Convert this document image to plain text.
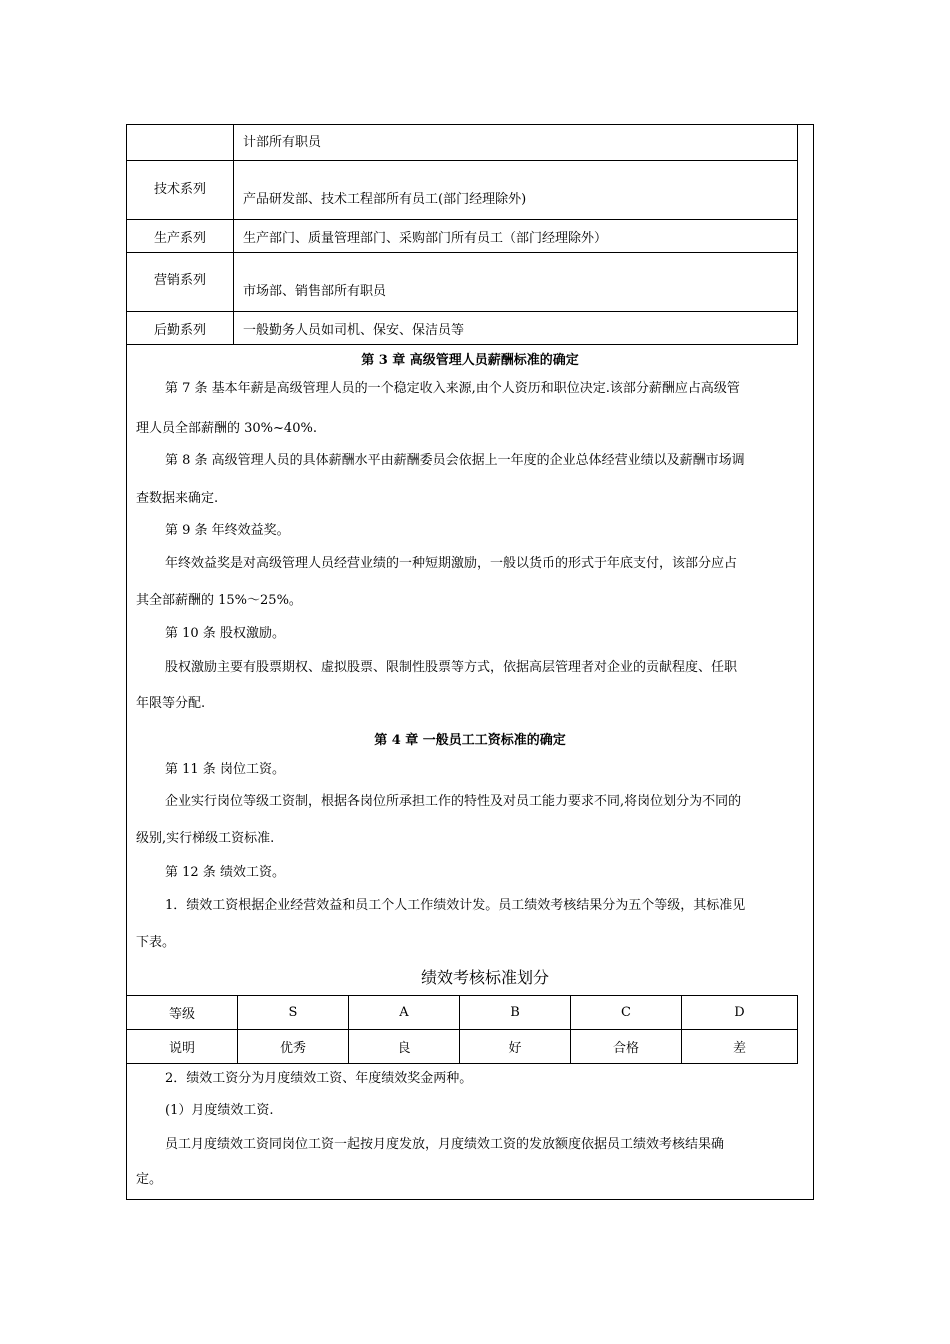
	计部所有职员
技术系列	产品研发部、技术工程部所有员工(部门经理除外)
生产系列	生产部门、质量管理部门、采购部门所有员工（部门经理除外）
营销系列	市场部、销售部所有职员
后勤系列	一般勤务人员如司机、保安、保洁员等
第 3 章 高级管理人员薪酬标准的确定
第 7 条 基本年薪是高级管理人员的一个稳定收入来源,由个人资历和职位决定.该部分薪酬应占高级管
理人员全部薪酬的 30%~40%.
第 8 条 高级管理人员的具体薪酬水平由薪酬委员会依据上一年度的企业总体经营业绩以及薪酬市场调
查数据来确定.
第 9 条 年终效益奖。
年终效益奖是对高级管理人员经营业绩的一种短期激励，一般以货币的形式于年底支付，该部分应占
其全部薪酬的 15%～25%。
第 10 条 股权激励。
股权激励主要有股票期权、虚拟股票、限制性股票等方式，依据高层管理者对企业的贡献程度、任职
年限等分配.
第 4 章 一般员工工资标准的确定
第 11 条 岗位工资。
企业实行岗位等级工资制，根据各岗位所承担工作的特性及对员工能力要求不同,将岗位划分为不同的
级别,实行梯级工资标准.
第 12 条 绩效工资。
1．绩效工资根据企业经营效益和员工个人工作绩效计发。员工绩效考核结果分为五个等级，其标准见
下表。
绩效考核标准划分
等级	S	A	B	C	D
说明	优秀	良	好	合格	差
2．绩效工资分为月度绩效工资、年度绩效奖金两种。
(1）月度绩效工资.
员工月度绩效工资同岗位工资一起按月度发放，月度绩效工资的发放额度依据员工绩效考核结果确
定。
